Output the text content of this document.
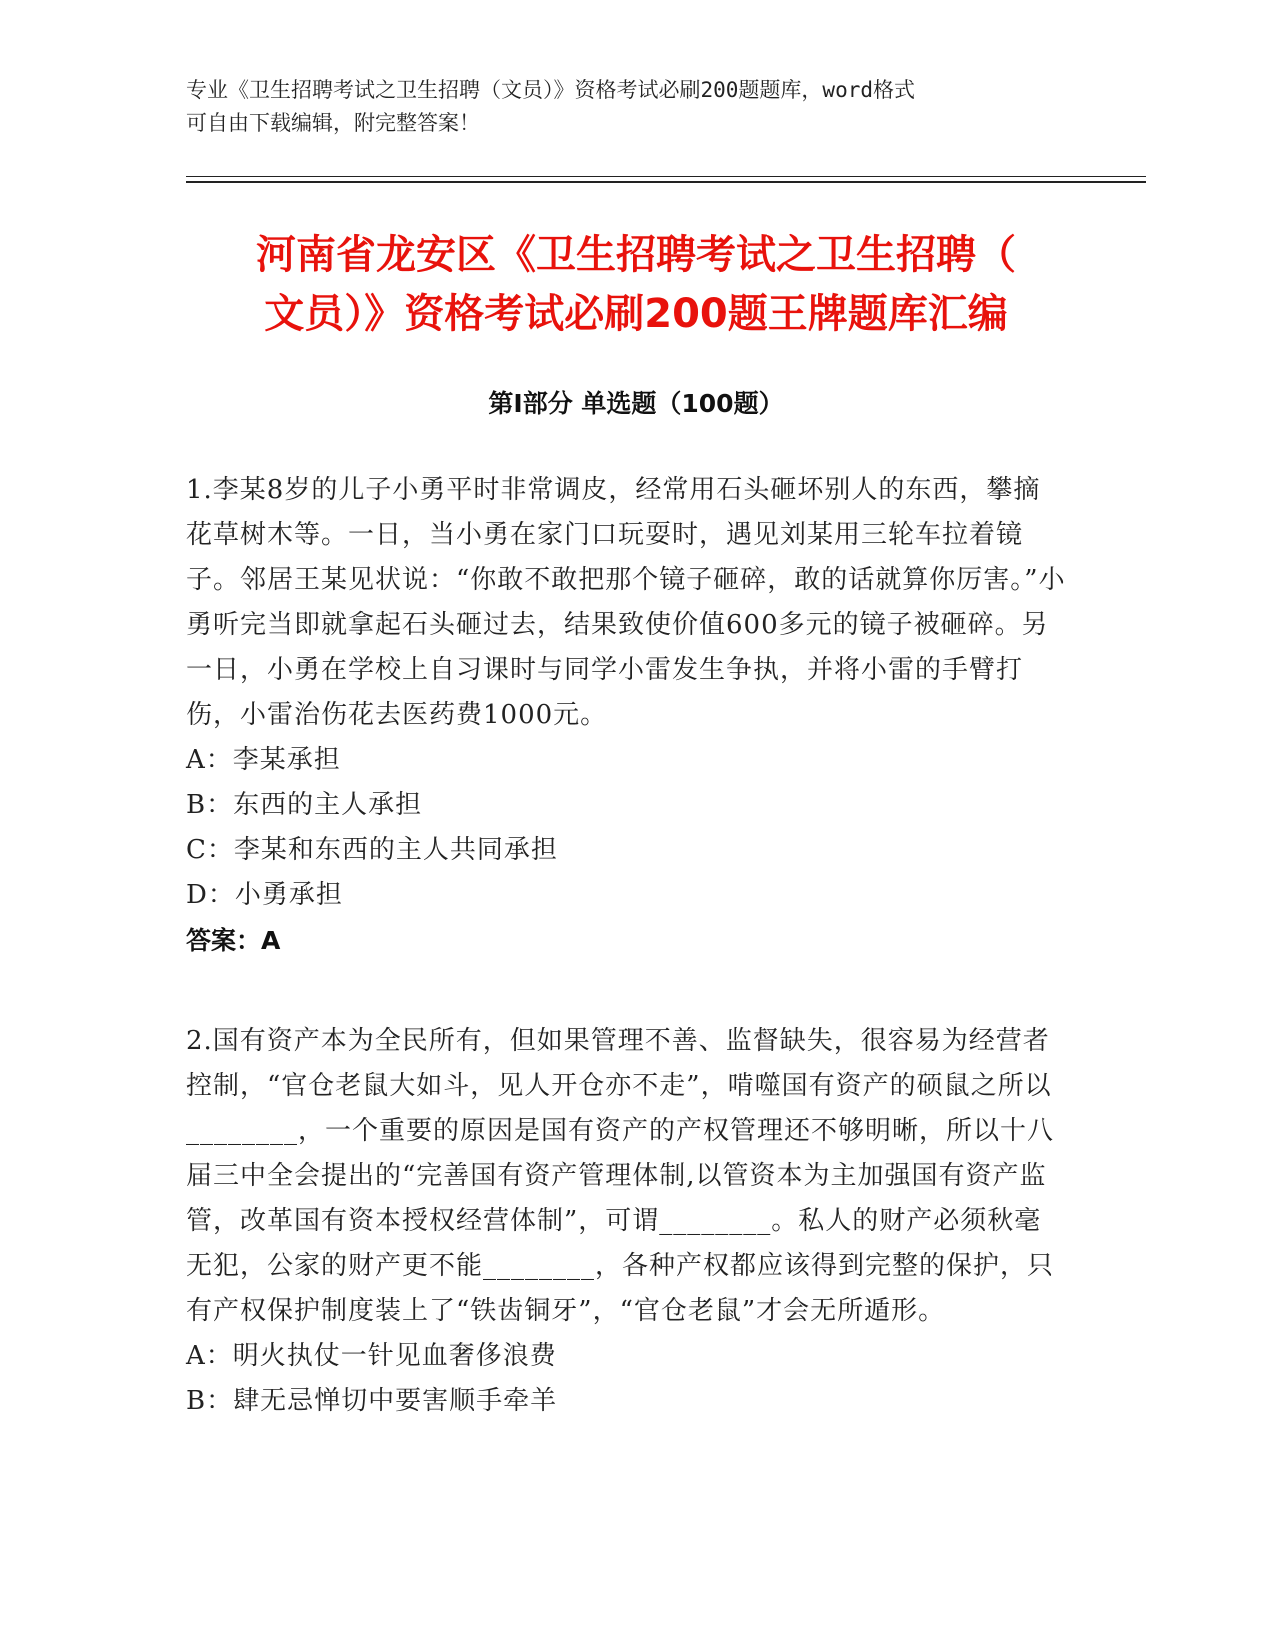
专业《卫生招聘考试之卫生招聘（文员）》资格考试必刷200题题库，word格式
可自由下载编辑，附完整答案！
河南省龙安区《卫生招聘考试之卫生招聘（
文员）》资格考试必刷200题王牌题库汇编
第Ⅰ部分 单选题（100题）

1.李某8岁的儿子小勇平时非常调皮，经常用石头砸坏别人的东西，攀摘花草树木等。一日，当小勇在家门口玩耍时，遇见刘某用三轮车拉着镜子。邻居王某见状说：“你敢不敢把那个镜子砸碎，敢的话就算你厉害。”小勇听完当即就拿起石头砸过去，结果致使价值600多元的镜子被砸碎。另一日，小勇在学校上自习课时与同学小雷发生争执，并将小雷的手臂打伤，小雷治伤花去医药费1000元。

A：李某承担

B：东西的主人承担

C：李某和东西的主人共同承担

D：小勇承担

答案：A

2.国有资产本为全民所有，但如果管理不善、监督缺失，很容易为经营者控制，“官仓老鼠大如斗，见人开仓亦不走”，啃噬国有资产的硕鼠之所以________，一个重要的原因是国有资产的产权管理还不够明晰，所以十八届三中全会提出的“完善国有资产管理体制,以管资本为主加强国有资产监管，改革国有资本授权经营体制”，可谓________。私人的财产必须秋毫无犯，公家的财产更不能________，各种产权都应该得到完整的保护，只有产权保护制度装上了“铁齿铜牙”，“官仓老鼠”才会无所遁形。

A：明火执仗一针见血奢侈浪费

B：肆无忌惮切中要害顺手牵羊
